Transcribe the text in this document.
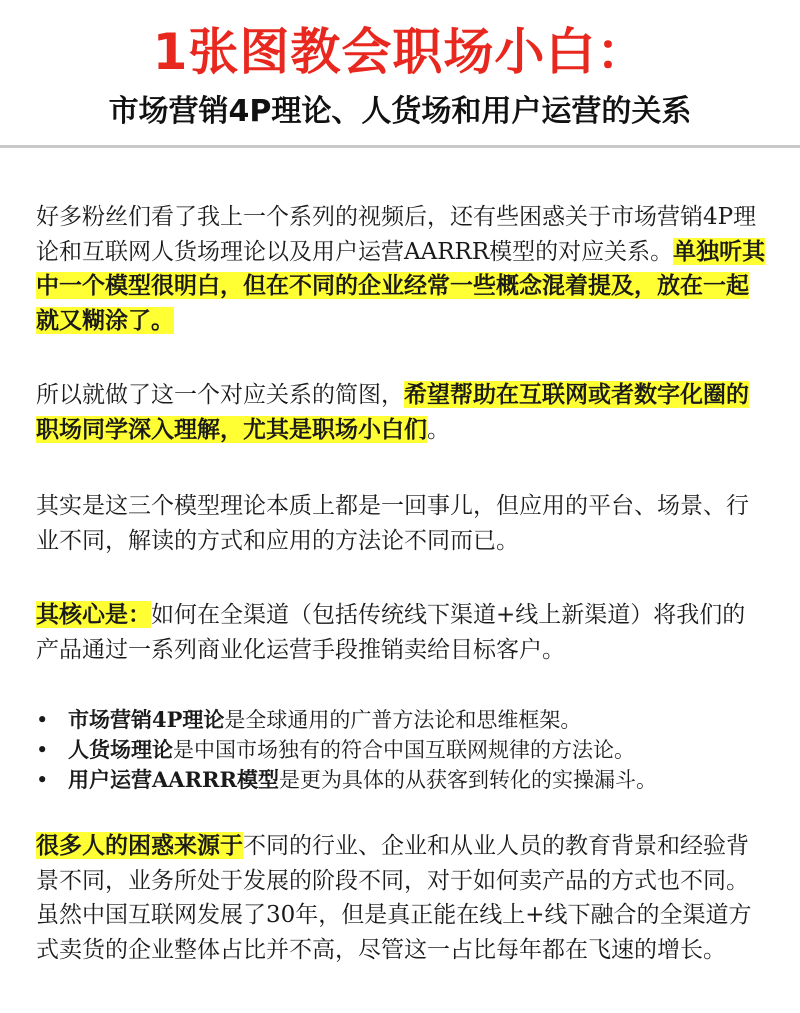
1张图教会职场小白：
市场营销4P理论、人货场和用户运营的关系

好多粉丝们看了我上一个系列的视频后，还有些困惑关于市场营销4P理论和互联网人货场理论以及用户运营AARRR模型的对应关系。单独听其中一个模型很明白，但在不同的企业经常一些概念混着提及，放在一起就又糊涂了。

所以就做了这一个对应关系的简图，希望帮助在互联网或者数字化圈的职场同学深入理解，尤其是职场小白们。

其实是这三个模型理论本质上都是一回事儿，但应用的平台、场景、行业不同，解读的方式和应用的方法论不同而已。

其核心是：如何在全渠道（包括传统线下渠道+线上新渠道）将我们的产品通过一系列商业化运营手段推销卖给目标客户。

• 市场营销4P理论是全球通用的广普方法论和思维框架。
• 人货场理论是中国市场独有的符合中国互联网规律的方法论。
• 用户运营AARRR模型是更为具体的从获客到转化的实操漏斗。

很多人的困惑来源于不同的行业、企业和从业人员的教育背景和经验背景不同，业务所处于发展的阶段不同，对于如何卖产品的方式也不同。虽然中国互联网发展了30年，但是真正能在线上+线下融合的全渠道方式卖货的企业整体占比并不高，尽管这一占比每年都在飞速的增长。
